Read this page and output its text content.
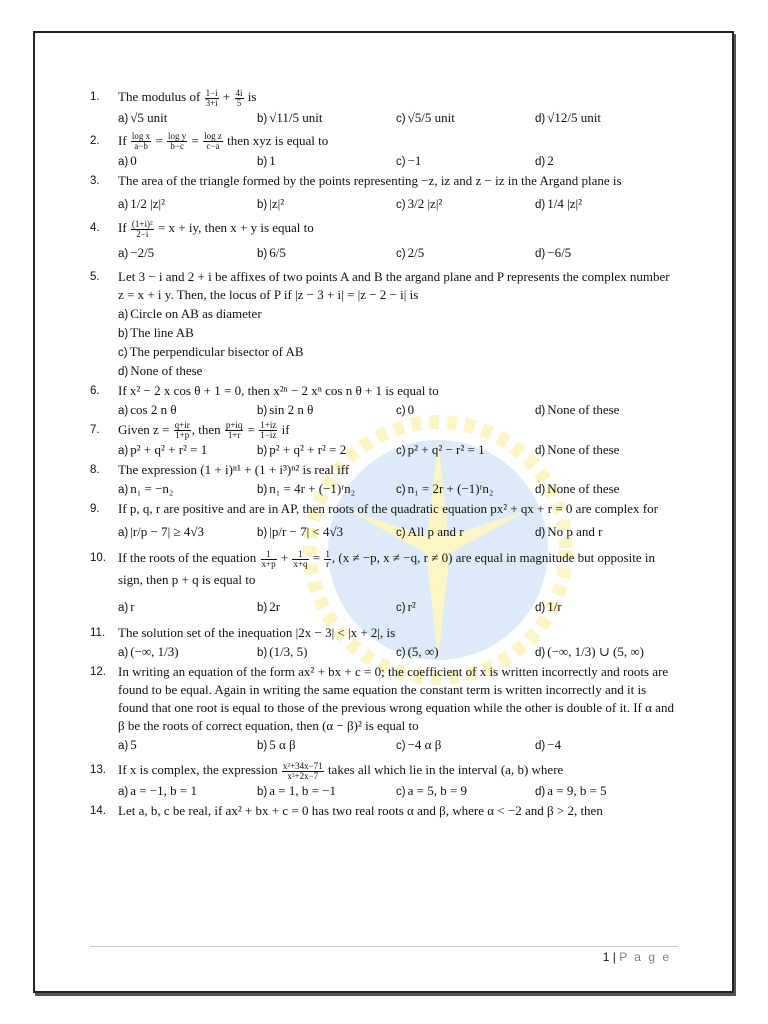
1.	The modulus of $\frac{1-i}{3+i} + \frac{4i}{5}$ is
a) √5 unit	b) √11/5 unit	c) √5/5 unit	d) √12/5 unit
2.	If $\frac{\text{log x}}{a-b} = \frac{\text{log y}}{b-c} = \frac{\text{log z}}{c-a}$ then xyz is equal to
a) 0	b) 1	c) −1	d) 2
3.	The area of the triangle formed by the points representing −z, iz and z − iz in the Argand plane is
a) 1/2 |z|²	b) |z|²	c) 3/2 |z|²	d) 1/4 |z|²
4.	If $\frac{\text{(1+i)²}}{2-i} = x$ + iy, then x + y is equal to
a) −2/5	b) 6/5	c) 2/5	d) −6/5
5.	Let 3 − i and 2 + i be affixes of two points A and B the argand plane and P represents the complex number z = x + i y. Then, the locus of P if |z − 3 + i| = |z − 2 − i| is
a) Circle on AB as diameter
b) The line AB
c) The perpendicular bisector of AB
d) None of these
6.	If x² − 2 x cos θ + 1 = 0, then x²ⁿ − 2 xⁿ cos n θ + 1 is equal to
a) cos 2 n θ	b) sin 2 n θ	c) 0	d) None of these
7.	Given $z = \frac{q+ir}{1+p}$ , then $\frac{p+iq}{1+r} = \frac{1+iz}{1-iz}$ if
a) p² + q² + r² = 1	b) p² + q² + r² = 2	c) p² + q² − r² = 1	d) None of these
8.	The expression (1 + i)ⁿ¹ + (1 + i³)ⁿ² is real iff
a) n₁ = −n₂	b) n₁ = 4r + (−1)ʳn₂	c) n₁ = 2r + (−1)ʳn₂	d) None of these
9.	If p, q, r are positive and are in AP, then roots of the quadratic equation px² + qx + r = 0 are complex for
a) |r/p − 7| ≥ 4√3	b) |p/r − 7| < 4√3	c) All p and r	d) No p and r
10. If the roots of the equation $\frac{1}{x+p} + \frac{1}{x+q} = \frac{1}{r}$ , (x ≠ −p, x ≠ −q, r ≠ 0) are equal in magnitude but opposite in sign, then p + q is equal to
a) r	b) 2r	c) r²	d) 1/r
11. The solution set of the inequation |2x − 3| < |x + 2|, is
a) (−∞, 1/3)	b) (1/3, 5)	c) (5, ∞)	d) (−∞, 1/3) ∪ (5, ∞)
12. In writing an equation of the form ax² + bx + c = 0; the coefficient of x is written incorrectly and roots are found to be equal. Again in writing the same equation the constant term is written incorrectly and it is found that one root is equal to those of the previous wrong equation while the other is double of it. If α and β be the roots of correct equation, then (α − β)² is equal to
a) 5	b) 5 α β	c) −4 α β	d) −4
13. If x is complex, the expression $\frac{\text{x²+34x−71}}{\text{x²+2x−7}}$ takes all which lie in the interval (a, b) where
a) a = −1, b = 1	b) a = 1, b = −1	c) a = 5, b = 9	d) a = 9, b = 5
14. Let a, b, c be real, if ax² + bx + c = 0 has two real roots α and β, where α < −2 and β > 2, then
1 | P a g e
